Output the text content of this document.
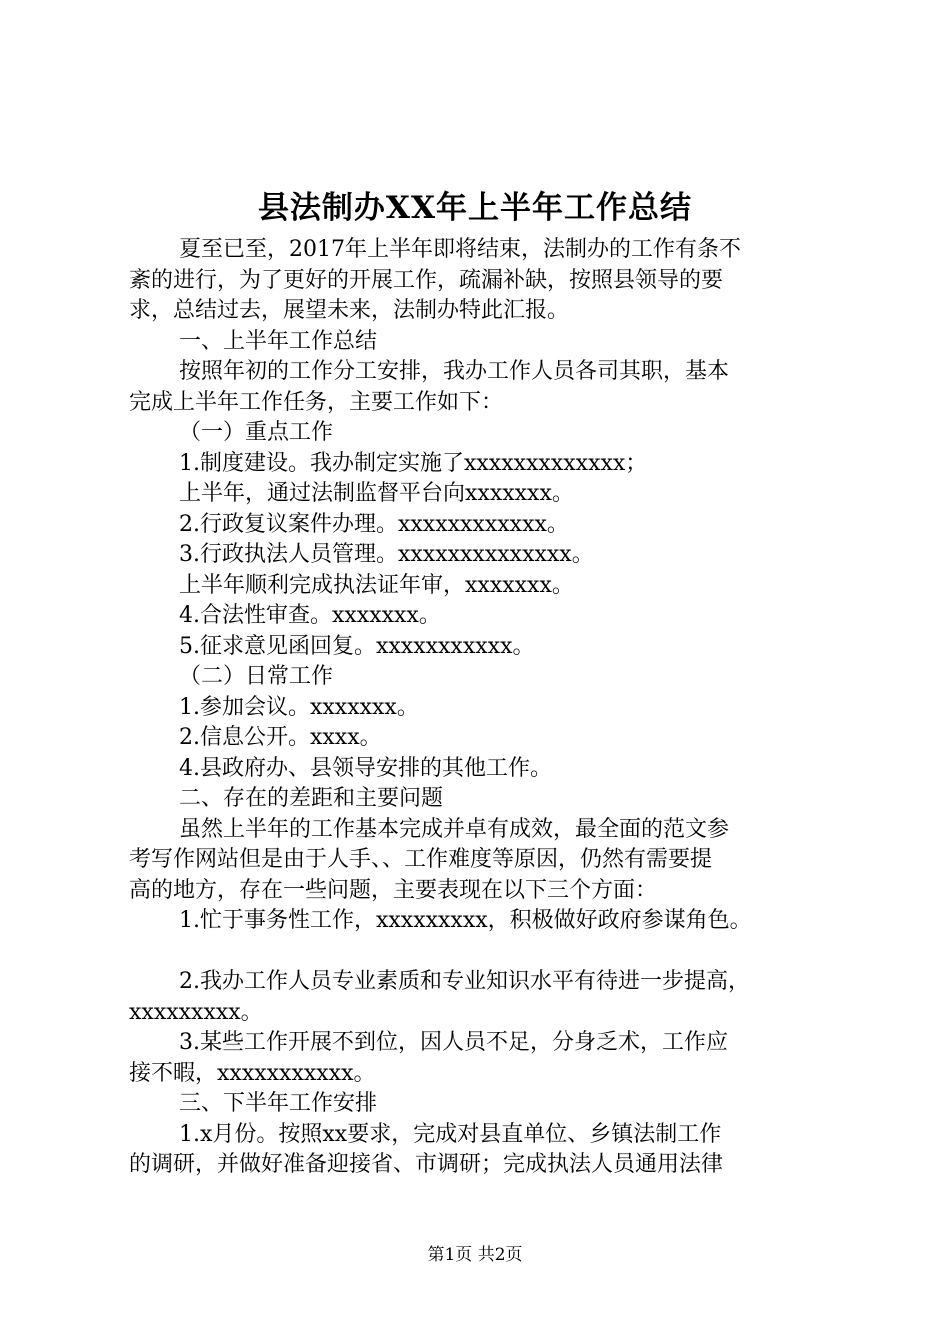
县法制办XX年上半年工作总结
夏至已至，2017年上半年即将结束，法制办的工作有条不
紊的进行，为了更好的开展工作，疏漏补缺，按照县领导的要
求，总结过去，展望未来，法制办特此汇报。
一、上半年工作总结
按照年初的工作分工安排，我办工作人员各司其职，基本
完成上半年工作任务，主要工作如下：
（一）重点工作
1.制度建设。我办制定实施了xxxxxxxxxxxxx；
上半年，通过法制监督平台向xxxxxxx。
2.行政复议案件办理。xxxxxxxxxxxx。
3.行政执法人员管理。xxxxxxxxxxxxxx。
上半年顺利完成执法证年审，xxxxxxx。
4.合法性审查。xxxxxxx。
5.征求意见函回复。xxxxxxxxxxx。
（二）日常工作
1.参加会议。xxxxxxx。
2.信息公开。xxxx。
4.县政府办、县领导安排的其他工作。
二、存在的差距和主要问题
虽然上半年的工作基本完成并卓有成效，最全面的范文参
考写作网站但是由于人手、、工作难度等原因，仍然有需要提
高的地方，存在一些问题，主要表现在以下三个方面：
1.忙于事务性工作，xxxxxxxxx，积极做好政府参谋角色。
2.我办工作人员专业素质和专业知识水平有待进一步提高，
xxxxxxxxx。
3.某些工作开展不到位，因人员不足，分身乏术，工作应
接不暇，xxxxxxxxxxx。
三、下半年工作安排
1.x月份。按照xx要求，完成对县直单位、乡镇法制工作
的调研，并做好准备迎接省、市调研；完成执法人员通用法律
第1页 共2页
